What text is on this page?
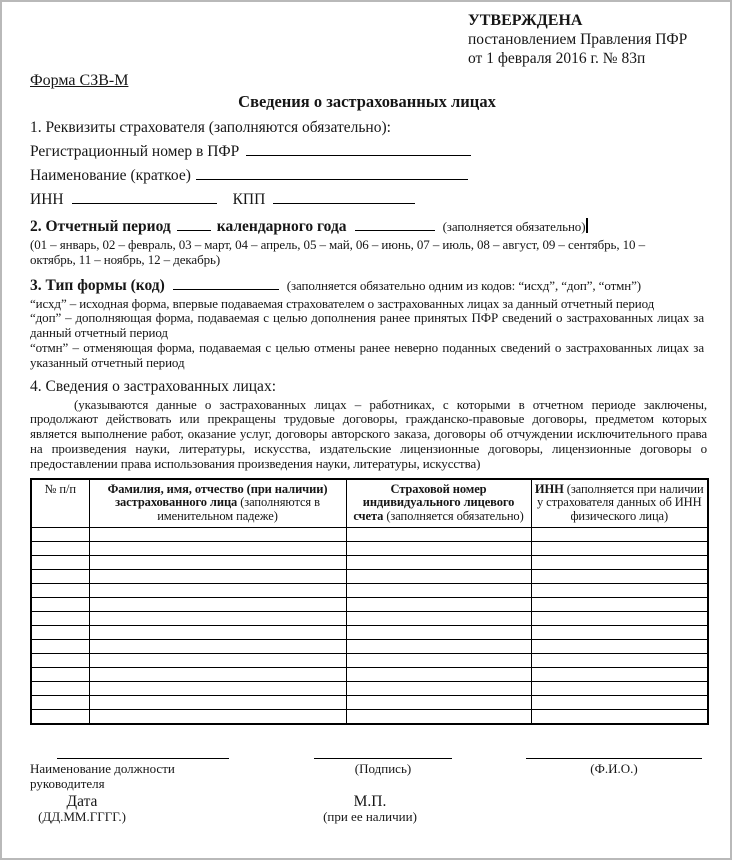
УТВЕРЖДЕНА
постановлением Правления ПФР
от 1 февраля 2016 г. № 83п
Форма СЗВ-М
Сведения о застрахованных лицах
1. Реквизиты страхователя (заполняются обязательно):
Регистрационный номер в ПФР
Наименование (краткое)
ИНН	КПП
2. Отчетный период	календарного года	(заполняется обязательно)
(01 – январь, 02 – февраль, 03 – март, 04 – апрель, 05 – май, 06 – июнь, 07 – июль, 08 – август, 09 – сентябрь, 10 – октябрь, 11 – ноябрь, 12 – декабрь)
3. Тип формы (код)	(заполняется обязательно одним из кодов: “исхд”, “доп”, “отмн”)

“исхд” – исходная форма, впервые подаваемая страхователем о застрахованных лицах за данный отчетный период

“доп” – дополняющая форма, подаваемая с целью дополнения ранее принятых ПФР сведений о застрахованных лицах за данный отчетный период

“отмн” – отменяющая форма, подаваемая с целью отмены ранее неверно поданных сведений о застрахованных лицах за указанный отчетный период

4. Сведения о застрахованных лицах:
(указываются данные о застрахованных лицах – работниках, с которыми в отчетном периоде заключены, продолжают действовать или прекращены трудовые договоры, гражданско-правовые договоры, предметом которых является выполнение работ, оказание услуг, договоры авторского заказа, договоры об отчуждении исключительного права на произведения науки, литературы, искусства, издательские лицензионные договоры, лицензионные договоры о предоставлении права использования произведения науки, литературы, искусства)
№ п/п	Фамилия, имя, отчество (при наличии) застрахованного лица (заполняются в именительном падеже)	Страховой номер индивидуального лицевого счета (заполняется обязательно)	ИНН (заполняется при наличии у страхователя данных об ИНН физического лица)

Наименование должности руководителя
(Подпись)	(Ф.И.О.)
Дата
(ДД.ММ.ГГГГ.)
М.П.
(при ее наличии)
